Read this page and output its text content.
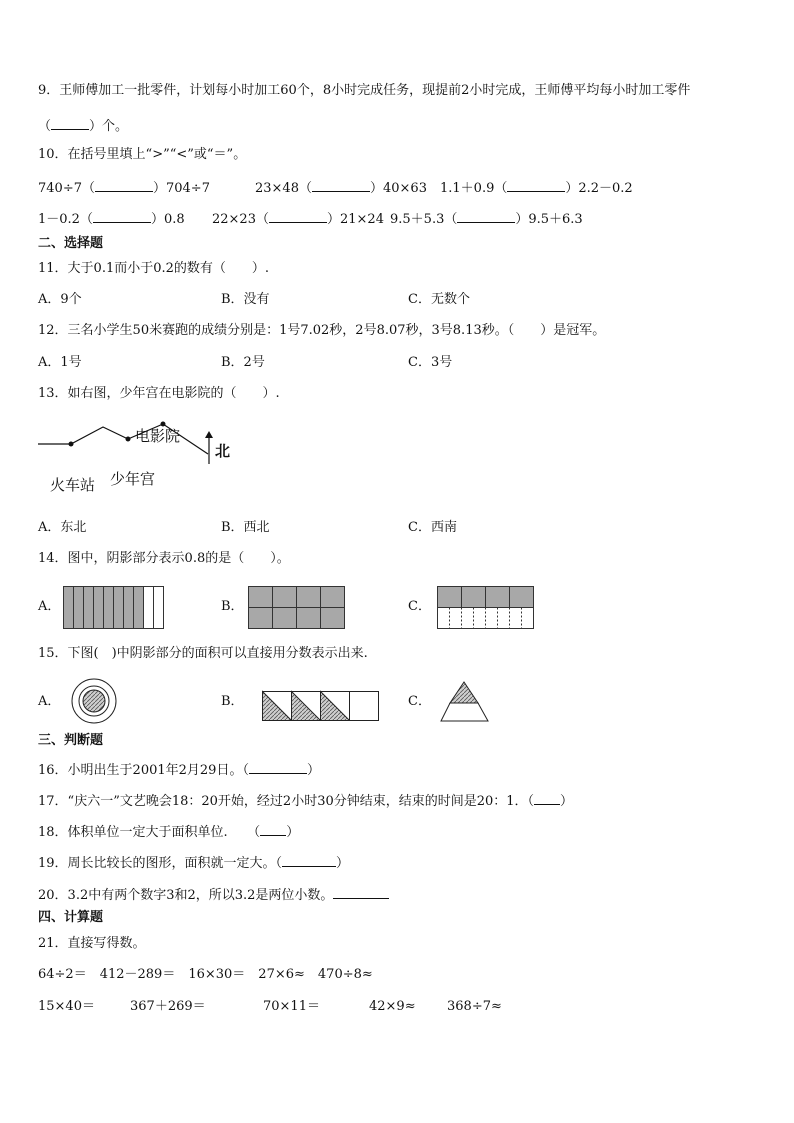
9．王师傅加工一批零件，计划每小时加工60个，8小时完成任务，现提前2小时完成，王师傅平均每小时加工零件
（	）个。
10．在括号里填上“>”“<”或“＝”。
740÷7（	）704÷7	23×48（	）40×63 1.1＋0.9（	）2.2－0.2
1－0.2（	）0.8 22×23（	）21×24 9.5＋5.3（	）9.5＋6.3
二、选择题
11．大于0.1而小于0.2的数有（　　）.
A．9个	B．没有	C．无数个
12．三名小学生50米赛跑的成绩分别是：1号7.02秒，2号8.07秒，3号8.13秒。（　　）是冠军。
A．1号	B．2号	C．3号
13．如右图，少年宫在电影院的（　　）.
火车站 少年宫
电影院
北
A．东北	B．西北	C．西南
14．图中，阴影部分表示0.8的是（　　）。
A．	B．	C．
15．下图(　)中阴影部分的面积可以直接用分数表示出来.
A．	B．	C．
三、判断题
16．小明出生于2001年2月29日。（	）
17．“庆六一”文艺晚会18：20开始，经过2小时30分钟结束，结束的时间是20：1．（ ）
18．体积单位一定大于面积单位.　　（ ）
19．周长比较长的图形，面积就一定大。（	）
20．3.2中有两个数字3和2，所以3.2是两位小数。
四、计算题
21．直接写得数。
64÷2＝　412－289＝　16×30＝　27×6≈　470÷8≈
15×40＝	367＋269＝	70×11＝	42×9≈ 368÷7≈
